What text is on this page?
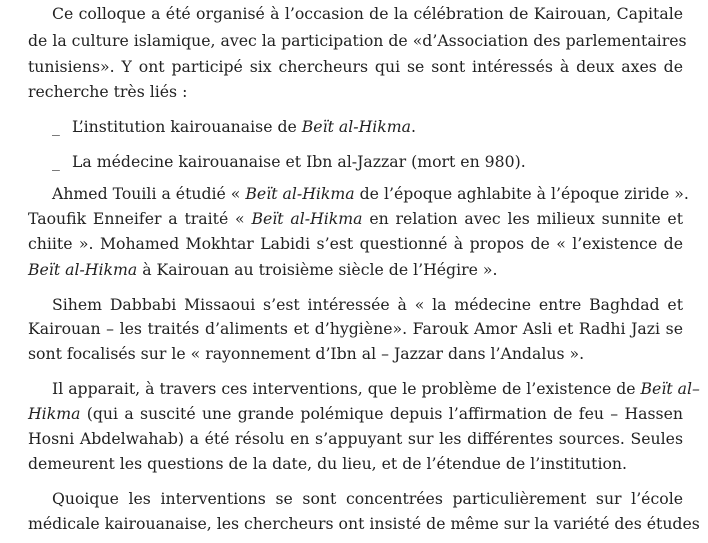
Ce colloque a été organisé à l’occasion de la célébration de Kairouan, Capitale
de la culture islamique, avec la participation de «d’Association des parlementaires
tunisiens». Y ont participé six chercheurs qui se sont intéressés à deux axes de
recherche très liés :
_ L’institution kairouanaise de Beït al-Hikma.
_ La médecine kairouanaise et Ibn al-Jazzar (mort en 980).
Ahmed Touili a étudié « Beït al-Hikma de l’époque aghlabite à l’époque ziride ».
Taoufik Enneifer a traité « Beït al-Hikma en relation avec les milieux sunnite et
chiite ». Mohamed Mokhtar Labidi s’est questionné à propos de « l’existence de
Beït al-Hikma à Kairouan au troisième siècle de l’Hégire ».
Sihem Dabbabi Missaoui s’est intéressée à « la médecine entre Baghdad et
Kairouan – les traités d’aliments et d’hygiène». Farouk Amor Asli et Radhi Jazi se
sont focalisés sur le « rayonnement d’Ibn al – Jazzar dans l’Andalus ».
Il apparait, à travers ces interventions, que le problème de l’existence de Beït al–
Hikma (qui a suscité une grande polémique depuis l’affirmation de feu – Hassen
Hosni Abdelwahab) a été résolu en s’appuyant sur les différentes sources. Seules
demeurent les questions de la date, du lieu, et de l’étendue de l’institution.
Quoique les interventions se sont concentrées particulièrement sur l’école
médicale kairouanaise, les chercheurs ont insisté de même sur la variété des études
